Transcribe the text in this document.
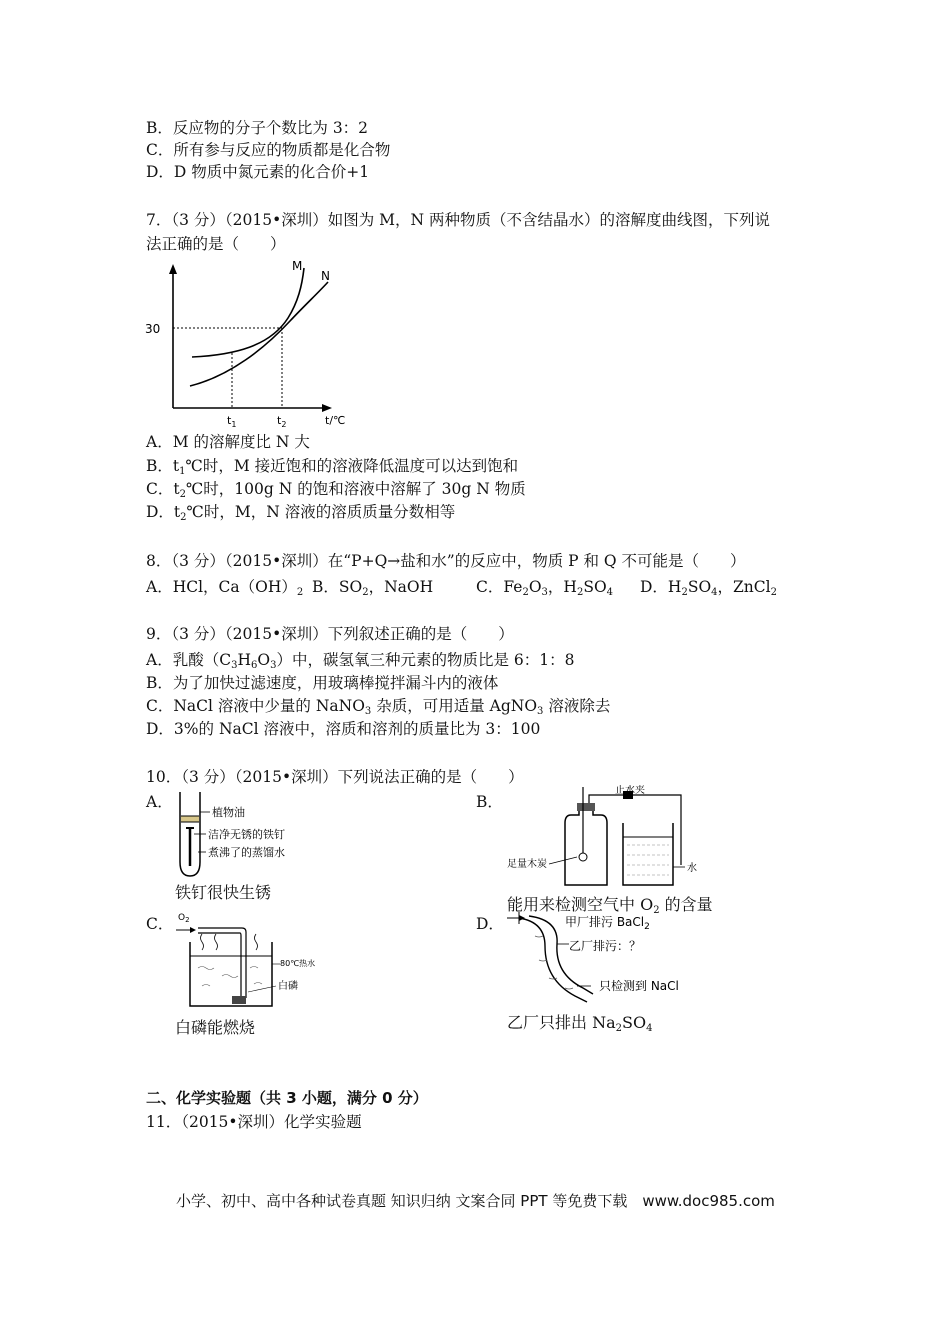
B．反应物的分子个数比为 3：2
C．所有参与反应的物质都是化合物
D．D 物质中氮元素的化合价+1
7．（3 分）（2015•深圳）如图为 M，N 两种物质（不含结晶水）的溶解度曲线图，下列说
法正确的是（　　）
30
M
N
$t_1$	$t_2$	t/℃
A．M 的溶解度比 N 大
B．$t_1℃$时，M 接近饱和的溶液降低温度可以达到饱和
C．$t_2℃$时，100g N 的饱和溶液中溶解了 30g N 物质
D．$t_2℃$时，M，N 溶液的溶质质量分数相等
8．（3 分）（2015•深圳）在“P+Q→盐和水”的反应中，物质 P 和 Q 不可能是（　　）
A．HCl，$Ca(OH)_2$ B．$SO_2$，NaOH	C．$Fe_2O_3$，$H_2SO_4$ D．$H_2SO_4$，ZnCl$_2$
9．（3 分）（2015•深圳）下列叙述正确的是（　　）
A．乳酸$(C_3H_6O_3)$中，碳氢氧三种元素的物质比是 6：1：8
B．为了加快过滤速度，用玻璃棒搅拌漏斗内的液体
C．NaCl 溶液中少量的 NaNO$_3$ 杂质，可用适量 AgNO$_3$ 溶液除去
D．3%的 NaCl 溶液中，溶质和溶剂的质量比为 3：100
10．（3 分）（2015•深圳）下列说法正确的是（　　）
A．	B．
植物油
洁净无锈的铁钉
煮沸了的蒸馏水
铁钉很快生锈
止水夹
足量木炭	水
能用来检测空气中 $O_2$ 的含量
C．	D．
$O_2$
80℃热水
白磷
白磷能燃烧
甲厂排污 BaCl$_2$
乙厂排污：？
只检测到 NaCl
乙厂只排出 $Na_2SO_4$
二、化学实验题（共 3 小题，满分 0 分）
11．（2015•深圳）化学实验题
小学、初中、高中各种试卷真题 知识归纳 文案合同 PPT 等免费下载　www.doc985.com
